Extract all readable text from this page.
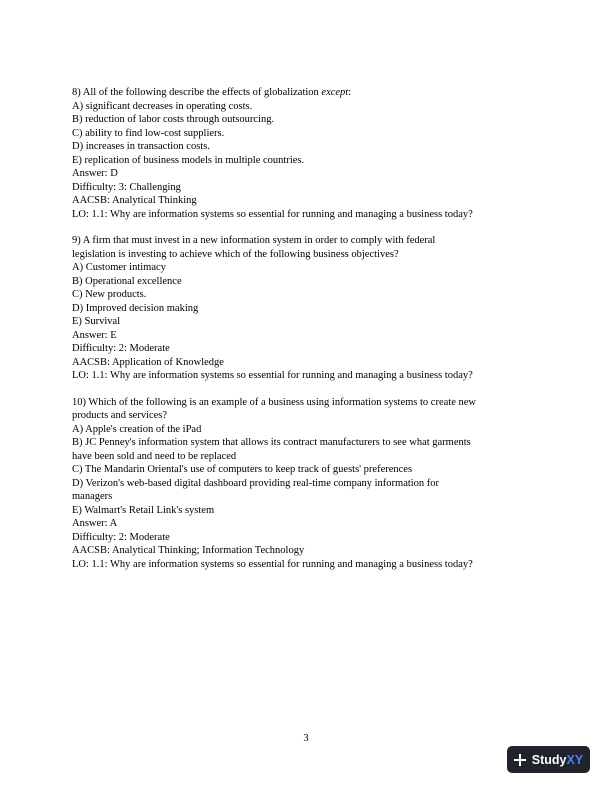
8) All of the following describe the effects of globalization except:
A) significant decreases in operating costs.
B) reduction of labor costs through outsourcing.
C) ability to find low-cost suppliers.
D) increases in transaction costs.
E) replication of business models in multiple countries.
Answer: D
Difficulty: 3: Challenging
AACSB: Analytical Thinking
LO: 1.1: Why are information systems so essential for running and managing a business today?
9) A firm that must invest in a new information system in order to comply with federal
legislation is investing to achieve which of the following business objectives?
A) Customer intimacy
B) Operational excellence
C) New products.
D) Improved decision making
E) Survival
Answer: E
Difficulty: 2: Moderate
AACSB: Application of Knowledge
LO: 1.1: Why are information systems so essential for running and managing a business today?
10) Which of the following is an example of a business using information systems to create new
products and services?
A) Apple's creation of the iPad
B) JC Penney's information system that allows its contract manufacturers to see what garments
have been sold and need to be replaced
C) The Mandarin Oriental's use of computers to keep track of guests' preferences
D) Verizon's web-based digital dashboard providing real-time company information for
managers
E) Walmart's Retail Link's system
Answer: A
Difficulty: 2: Moderate
AACSB: Analytical Thinking; Information Technology
LO: 1.1: Why are information systems so essential for running and managing a business today?
3
Study XY
